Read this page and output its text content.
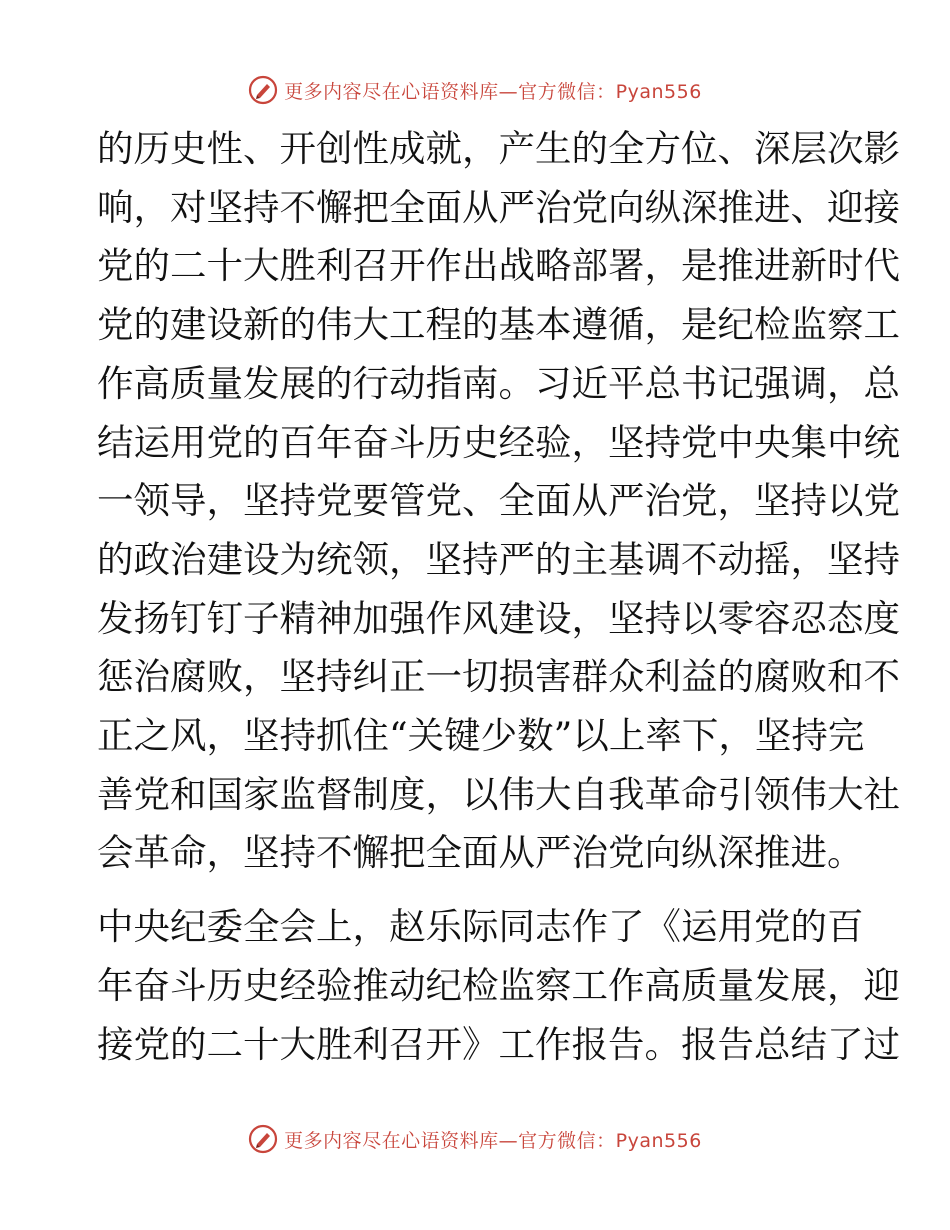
更多内容尽在心语资料库—官方微信：Pyan556

的历史性、开创性成就，产生的全方位、深层次影
响，对坚持不懈把全面从严治党向纵深推进、迎接
党的二十大胜利召开作出战略部署，是推进新时代
党的建设新的伟大工程的基本遵循，是纪检监察工
作高质量发展的行动指南。习近平总书记强调，总
结运用党的百年奋斗历史经验，坚持党中央集中统
一领导，坚持党要管党、全面从严治党，坚持以党
的政治建设为统领，坚持严的主基调不动摇，坚持
发扬钉钉子精神加强作风建设，坚持以零容忍态度
惩治腐败，坚持纠正一切损害群众利益的腐败和不
正之风，坚持抓住“关键少数”以上率下，坚持完
善党和国家监督制度，以伟大自我革命引领伟大社
会革命，坚持不懈把全面从严治党向纵深推进。

中央纪委全会上，赵乐际同志作了《运用党的百
年奋斗历史经验推动纪检监察工作高质量发展，迎
接党的二十大胜利召开》工作报告。报告总结了过

更多内容尽在心语资料库—官方微信：Pyan556
